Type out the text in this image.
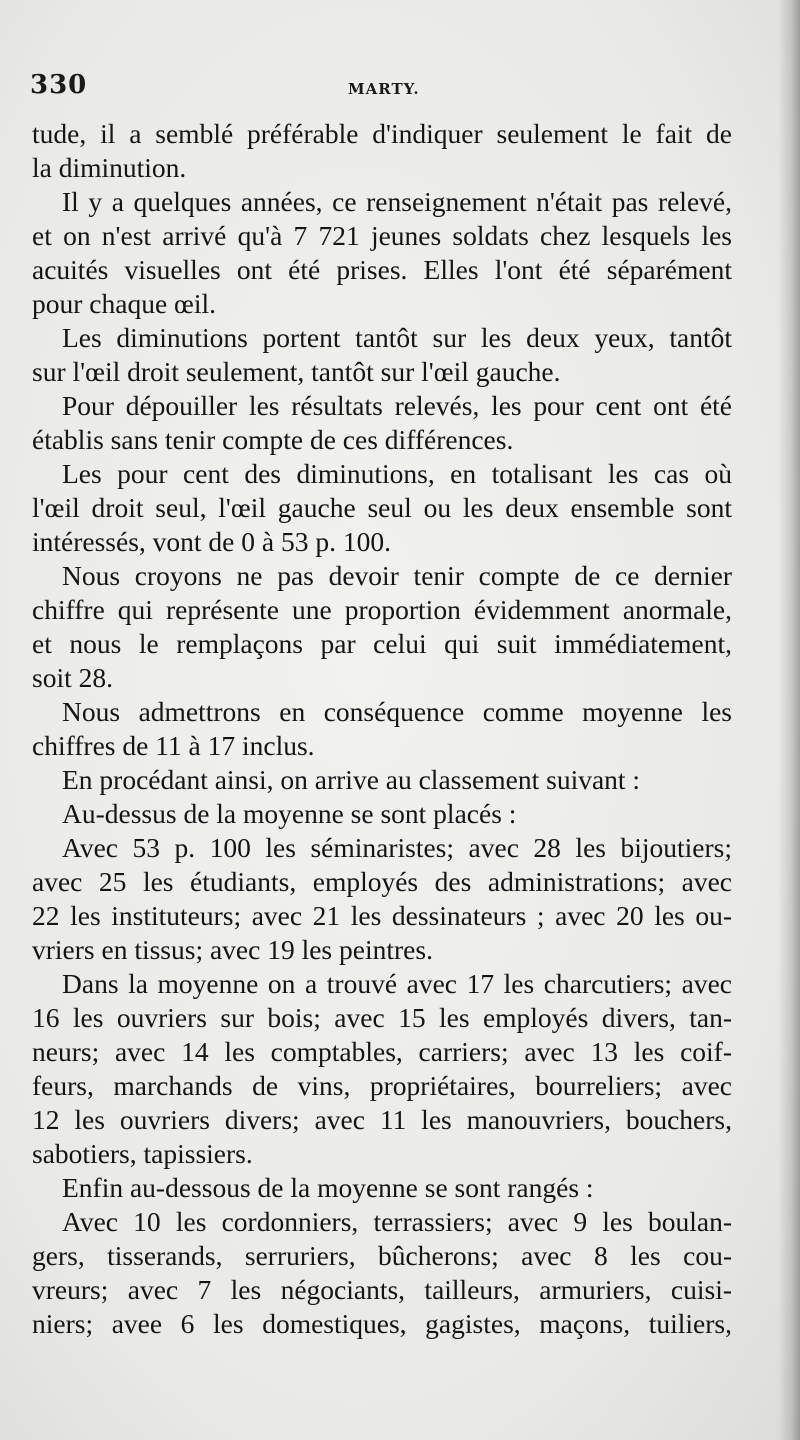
330	MARTY.
tude, il a semblé préférable d'indiquer seulement le fait de
la diminution.
Il y a quelques années, ce renseignement n'était pas relevé,
et on n'est arrivé qu'à 7 721 jeunes soldats chez lesquels les
acuités visuelles ont été prises. Elles l'ont été séparément
pour chaque œil.
Les diminutions portent tantôt sur les deux yeux, tantôt
sur l'œil droit seulement, tantôt sur l'œil gauche.
Pour dépouiller les résultats relevés, les pour cent ont été
établis sans tenir compte de ces différences.
Les pour cent des diminutions, en totalisant les cas où
l'œil droit seul, l'œil gauche seul ou les deux ensemble sont
intéressés, vont de 0 à 53 p. 100.
Nous croyons ne pas devoir tenir compte de ce dernier
chiffre qui représente une proportion évidemment anormale,
et nous le remplaçons par celui qui suit immédiatement,
soit 28.
Nous admettrons en conséquence comme moyenne les
chiffres de 11 à 17 inclus.
En procédant ainsi, on arrive au classement suivant :
Au-dessus de la moyenne se sont placés :
Avec 53 p. 100 les séminaristes; avec 28 les bijoutiers;
avec 25 les étudiants, employés des administrations; avec
22 les instituteurs; avec 21 les dessinateurs ; avec 20 les ou-
vriers en tissus; avec 19 les peintres.
Dans la moyenne on a trouvé avec 17 les charcutiers; avec
16 les ouvriers sur bois; avec 15 les employés divers, tan-
neurs; avec 14 les comptables, carriers; avec 13 les coif-
feurs, marchands de vins, propriétaires, bourreliers; avec
12 les ouvriers divers; avec 11 les manouvriers, bouchers,
sabotiers, tapissiers.
Enfin au-dessous de la moyenne se sont rangés :
Avec 10 les cordonniers, terrassiers; avec 9 les boulan-
gers, tisserands, serruriers, bûcherons; avec 8 les cou-
vreurs; avec 7 les négociants, tailleurs, armuriers, cuisi-
niers; avee 6 les domestiques, gagistes, maçons, tuiliers,
